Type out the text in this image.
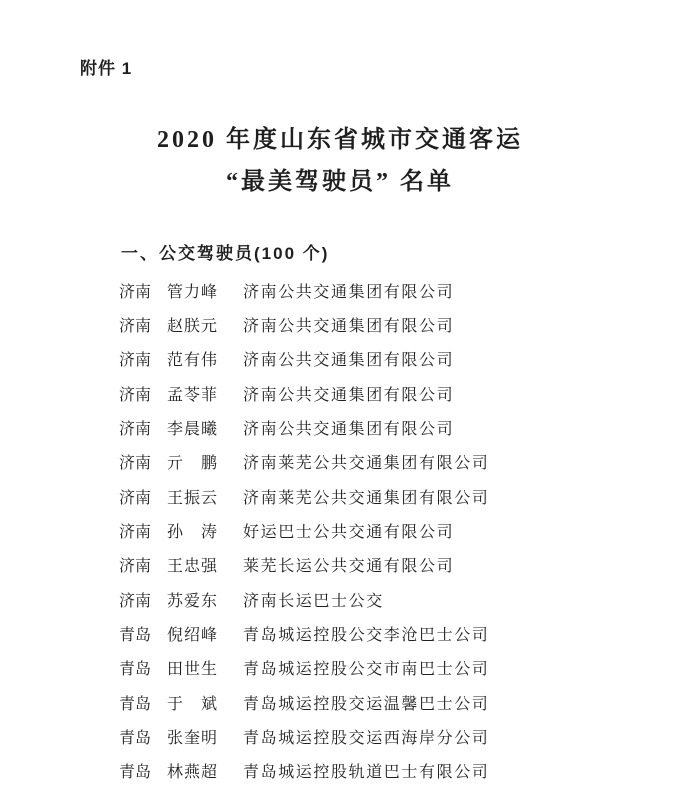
附件 1
2020 年度山东省城市交通客运
“最美驾驶员” 名单
一、公交驾驶员(100 个)
济南 管力峰 济南公共交通集团有限公司
济南 赵朕元 济南公共交通集团有限公司
济南 范有伟 济南公共交通集团有限公司
济南 孟苓菲 济南公共交通集团有限公司
济南 李晨曦 济南公共交通集团有限公司
济南 亓鹏 济南莱芜公共交通集团有限公司
济南 王振云 济南莱芜公共交通集团有限公司
济南 孙涛 好运巴士公共交通有限公司
济南 王忠强 莱芜长运公共交通有限公司
济南 苏爱东 济南长运巴士公交
青岛 倪绍峰 青岛城运控股公交李沧巴士公司
青岛 田世生 青岛城运控股公交市南巴士公司
青岛 于斌 青岛城运控股交运温馨巴士公司
青岛 张奎明 青岛城运控股交运西海岸分公司
青岛 林燕超 青岛城运控股轨道巴士有限公司
